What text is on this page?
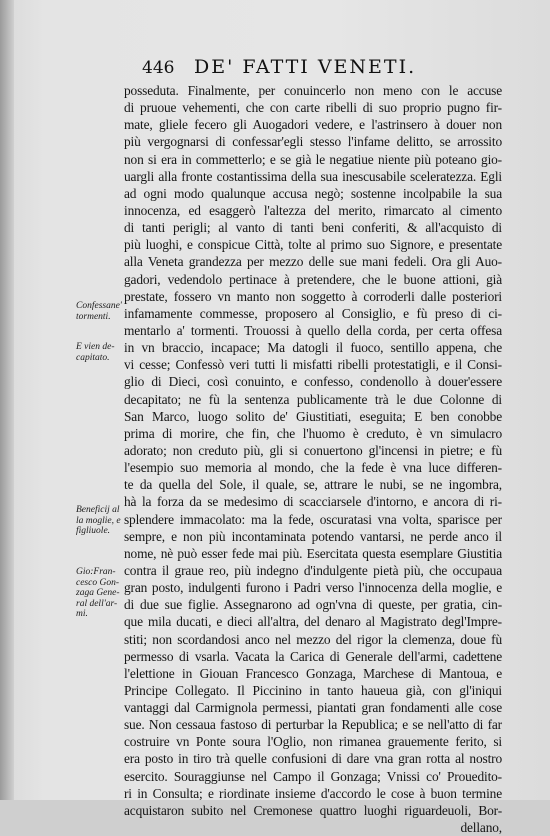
446 DE' FATTI VENETI.
posseduta. Finalmente, per conuincerlo non meno con le accuse
di pruoue vehementi, che con carte ribelli di suo proprio pugno fir-
mate, gliele fecero gli Auogadori vedere, e l'astrinsero à douer non
più vergognarsi di confessar'egli stesso l'infame delitto, se arrossito
non si era in commetterlo; e se già le negatiue niente più poteano gio-
uargli alla fronte costantissima della sua inescusabile sceleratezza. Egli
ad ogni modo qualunque accusa negò; sostenne incolpabile la sua
innocenza, ed esaggerò l'altezza del merito, rimarcato al cimento
di tanti perigli; al vanto di tanti beni conferiti, & all'acquisto di
più luoghi, e conspicue Città, tolte al primo suo Signore, e presentate
alla Veneta grandezza per mezzo delle sue mani fedeli. Ora gli Auo-
gadori, vedendolo pertinace à pretendere, che le buone attioni, già
prestate, fossero vn manto non soggetto à corroderli dalle posteriori
infamamente commesse, proposero al Consiglio, e fù preso di ci-
mentarlo a' tormenti. Trouossi à quello della corda, per certa offesa
in vn braccio, incapace; Ma datogli il fuoco, sentillo appena, che
vi cesse; Confessò veri tutti li misfatti ribelli protestatigli, e il Consi-
glio di Dieci, così conuinto, e confesso, condenollo à douer'essere
decapitato; ne fù la sentenza publicamente trà le due Colonne di
San Marco, luogo solito de' Giustitiati, eseguita; E ben conobbe
prima di morire, che fin, che l'huomo è creduto, è vn simulacro
adorato; non creduto più, gli si conuertono gl'incensi in pietre; e fù
l'esempio suo memoria al mondo, che la fede è vna luce differen-
te da quella del Sole, il quale, se, attrare le nubi, se ne ingombra,
hà la forza da se medesimo di scacciarsele d'intorno, e ancora di ri-
splendere immacolato: ma la fede, oscuratasi vna volta, sparisce per
sempre, e non più incontaminata potendo vantarsi, ne perde anco il
nome, nè può esser fede mai più. Esercitata questa esemplare Giustitia
contra il graue reo, più indegno d'indulgente pietà più, che occupaua
gran posto, indulgenti furono i Padri verso l'innocenza della moglie, e
di due sue figlie. Assegnarono ad ogn'vna di queste, per gratia, cin-
que mila ducati, e dieci all'altra, del denaro al Magistrato degl'Impre-
stiti; non scordandosi anco nel mezzo del rigor la clemenza, doue fù
permesso di vsarla. Vacata la Carica di Generale dell'armi, cadettene
l'elettione in Giouan Francesco Gonzaga, Marchese di Mantoua, e
Principe Collegato. Il Piccinino in tanto haueua già, con gl'iniqui
vantaggi dal Carmignola permessi, piantati gran fondamenti alle cose
sue. Non cessaua fastoso di perturbar la Republica; e se nell'atto di far
costruire vn Ponte soura l'Oglio, non rimanea grauemente ferito, si
era posto in tiro trà quelle confusioni di dare vna gran rotta al nostro
esercito. Souraggiunse nel Campo il Gonzaga; Vnissi co' Prouedito-
ri in Consulta; e riordinate insieme d'accordo le cose à buon termine
acquistaron subito nel Cremonese quattro luoghi riguardeuoli, Bor-
dellano,
Confessane'
tormenti.
E vien de-
capitato.
Beneficij al
la moglie, e
figliuole.
Gio:Fran-
cesco Gon-
zaga Gene-
ral dell'ar-
mi.
